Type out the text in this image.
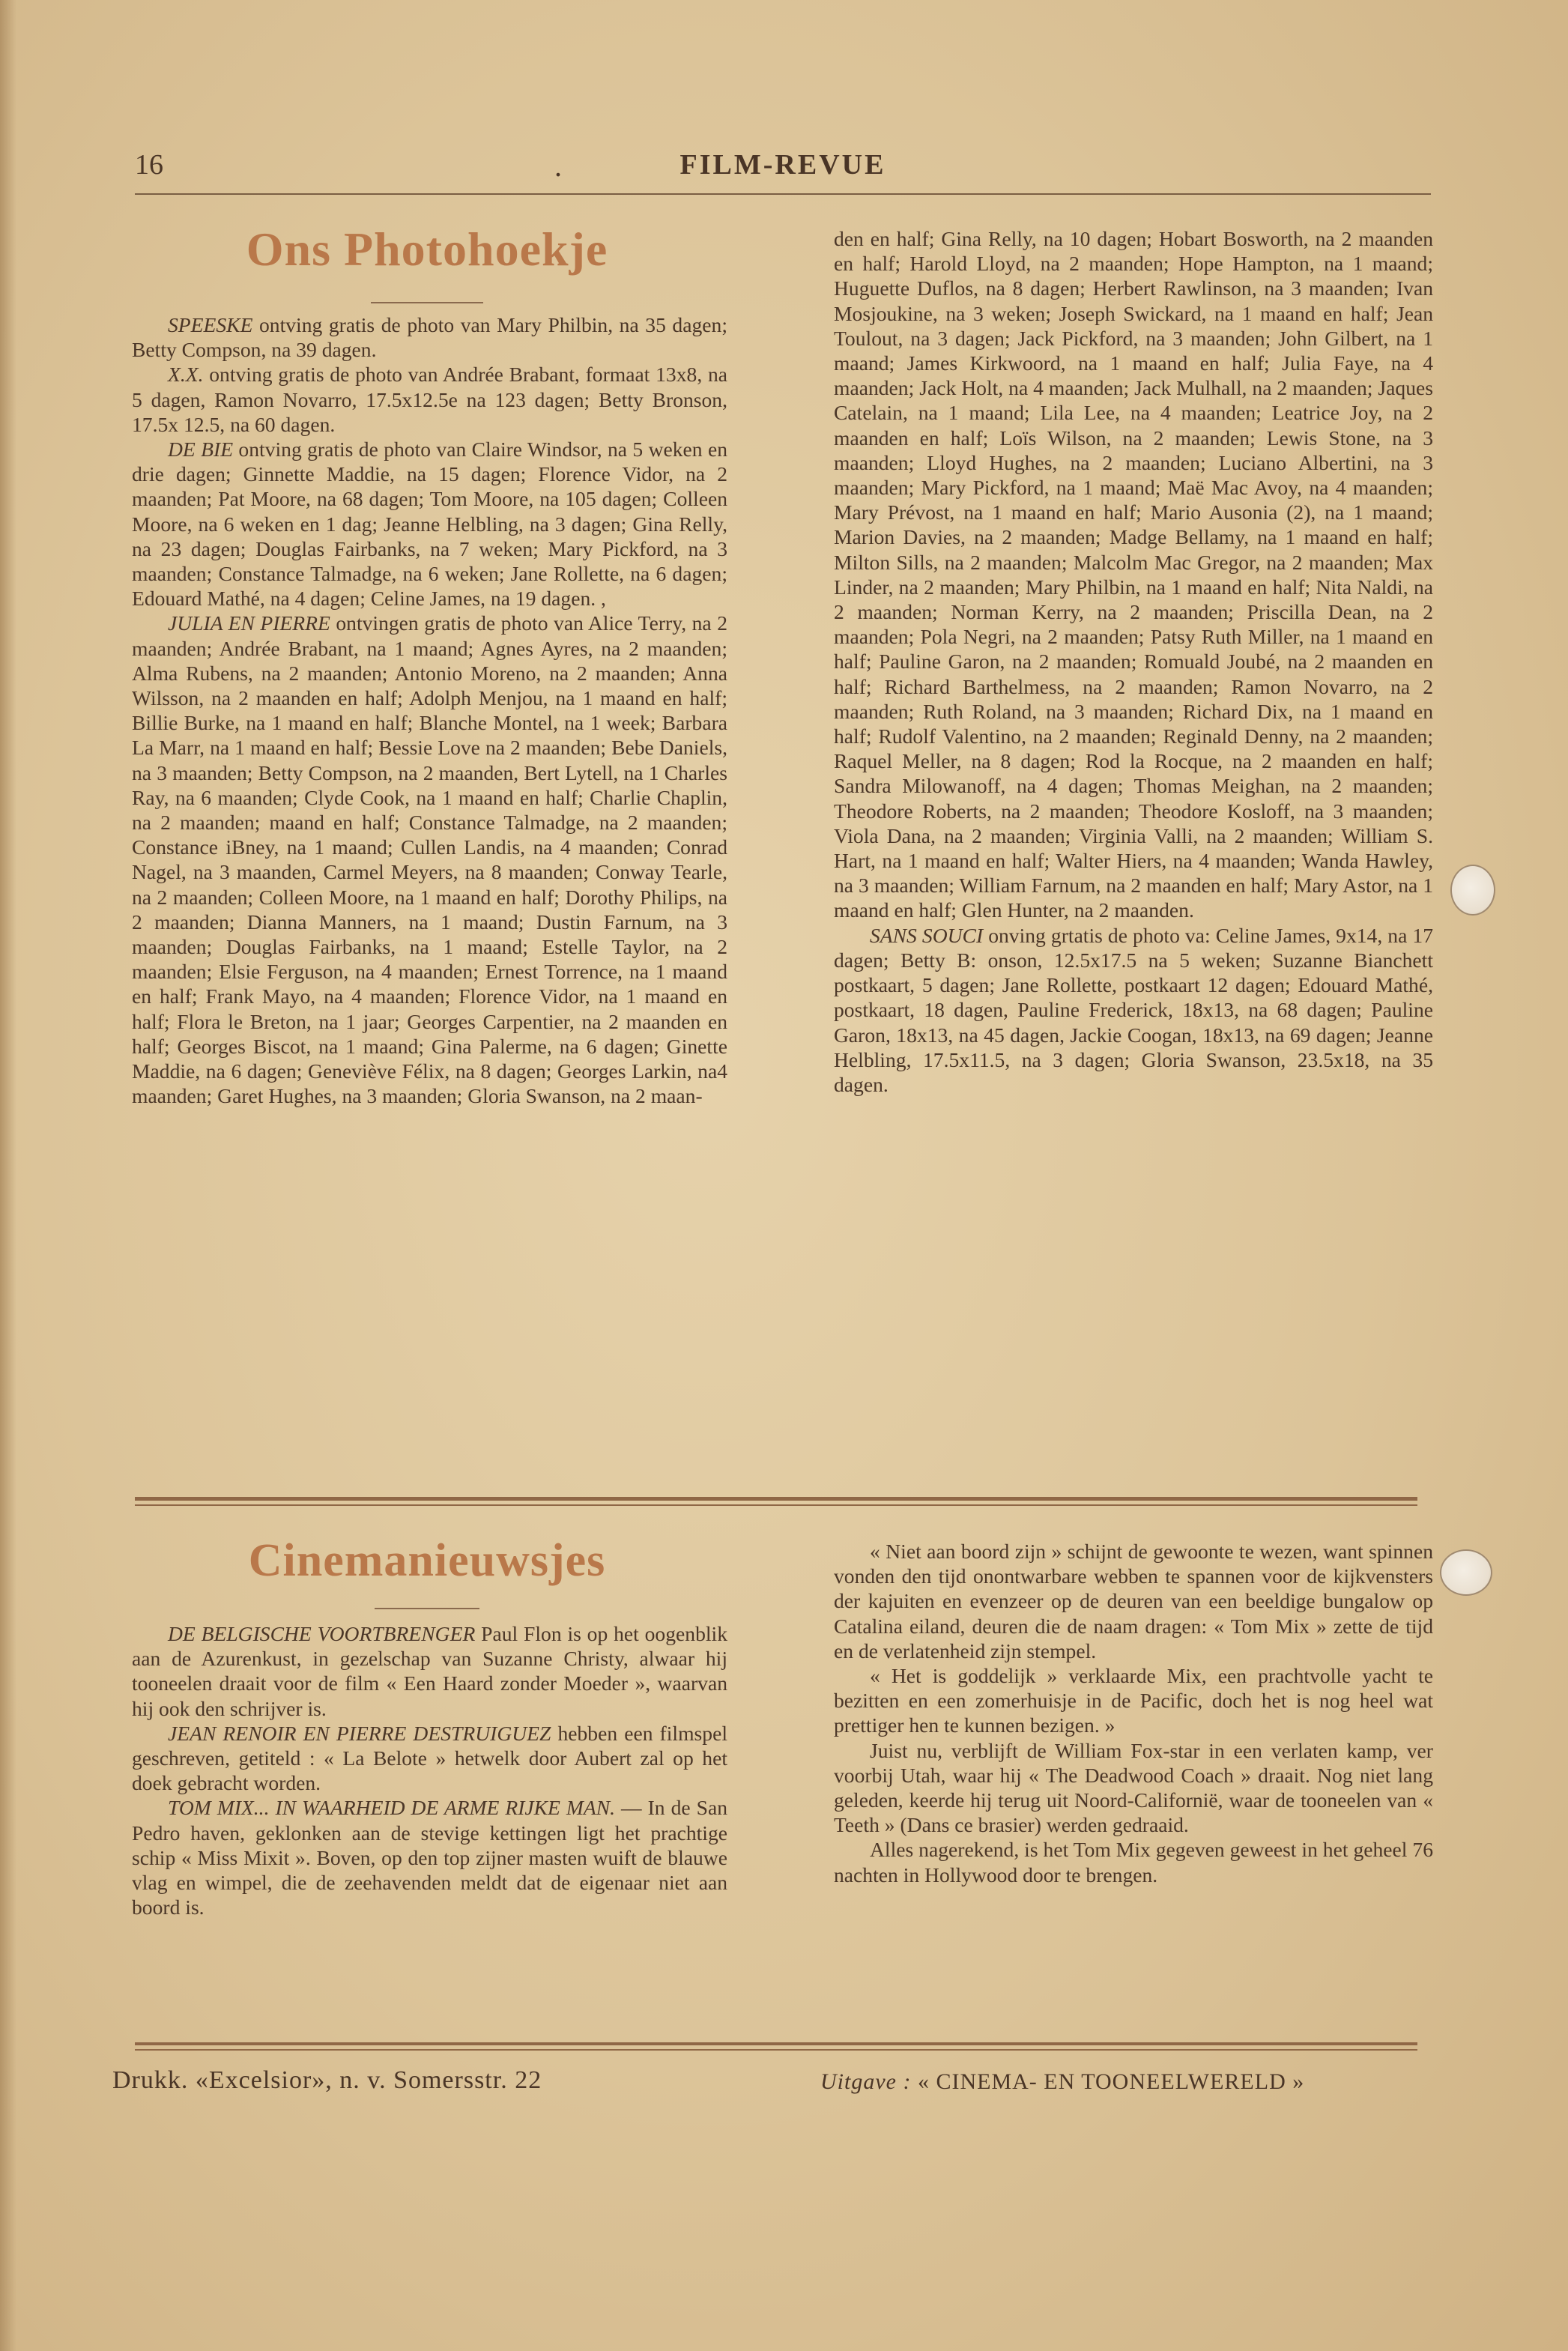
16	.	FILM-REVUE
Ons Photohoekje

SPEESKE ontving gratis de photo van Mary Philbin, na 35 dagen; Betty Compson, na 39 dagen.

X.X. ontving gratis de photo van Andrée Brabant, formaat 13x8, na 5 dagen, Ramon Novarro, 17.5x12.5e na 123 dagen; Betty Bronson, 17.5x 12.5, na 60 dagen.

DE BIE ontving gratis de photo van Claire Windsor, na 5 weken en drie dagen; Ginnette Maddie, na 15 dagen; Florence Vidor, na 2 maanden; Pat Moore, na 68 dagen; Tom Moore, na 105 dagen; Colleen Moore, na 6 weken en 1 dag; Jeanne Helbling, na 3 dagen; Gina Relly, na 23 dagen; Douglas Fairbanks, na 7 weken; Mary Pickford, na 3 maanden; Constance Talmadge, na 6 weken; Jane Rollette, na 6 dagen; Edouard Mathé, na 4 dagen; Celine James, na 19 dagen. ,

JULIA EN PIERRE ontvingen gratis de photo van Alice Terry, na 2 maanden; Andrée Brabant, na 1 maand; Agnes Ayres, na 2 maanden; Alma Rubens, na 2 maanden; Antonio Moreno, na 2 maanden; Anna Wilsson, na 2 maanden en half; Adolph Menjou, na 1 maand en half; Billie Burke, na 1 maand en half; Blanche Montel, na 1 week; Barbara La Marr, na 1 maand en half; Bessie Love na 2 maanden; Bebe Daniels, na 3 maanden; Betty Compson, na 2 maanden, Bert Lytell, na 1 Charles Ray, na 6 maanden; Clyde Cook, na 1 maand en half; Charlie Chaplin, na 2 maanden; maand en half; Constance Talmadge, na 2 maanden; Constance iBney, na 1 maand; Cullen Landis, na 4 maanden; Conrad Nagel, na 3 maanden, Carmel Meyers, na 8 maanden; Conway Tearle, na 2 maanden; Colleen Moore, na 1 maand en half; Dorothy Philips, na 2 maanden; Dianna Manners, na 1 maand; Dustin Farnum, na 3 maanden; Douglas Fairbanks, na 1 maand; Estelle Taylor, na 2 maanden; Elsie Ferguson, na 4 maanden; Ernest Torrence, na 1 maand en half; Frank Mayo, na 4 maanden; Florence Vidor, na 1 maand en half; Flora le Breton, na 1 jaar; Georges Carpentier, na 2 maanden en half; Georges Biscot, na 1 maand; Gina Palerme, na 6 dagen; Ginette Maddie, na 6 dagen; Geneviève Félix, na 8 dagen; Georges Larkin, na4 maanden; Garet Hughes, na 3 maanden; Gloria Swanson, na 2 maan-

den en half; Gina Relly, na 10 dagen; Hobart Bosworth, na 2 maanden en half; Harold Lloyd, na 2 maanden; Hope Hampton, na 1 maand; Huguette Duflos, na 8 dagen; Herbert Rawlinson, na 3 maanden; Ivan Mosjoukine, na 3 weken; Joseph Swickard, na 1 maand en half; Jean Toulout, na 3 dagen; Jack Pickford, na 3 maanden; John Gilbert, na 1 maand; James Kirkwoord, na 1 maand en half; Julia Faye, na 4 maanden; Jack Holt, na 4 maanden; Jack Mulhall, na 2 maanden; Jaques Catelain, na 1 maand; Lila Lee, na 4 maanden; Leatrice Joy, na 2 maanden en half; Loïs Wilson, na 2 maanden; Lewis Stone, na 3 maanden; Lloyd Hughes, na 2 maanden; Luciano Albertini, na 3 maanden; Mary Pickford, na 1 maand; Maë Mac Avoy, na 4 maanden; Mary Prévost, na 1 maand en half; Mario Ausonia (2), na 1 maand; Marion Davies, na 2 maanden; Madge Bellamy, na 1 maand en half; Milton Sills, na 2 maanden; Malcolm Mac Gregor, na 2 maanden; Max Linder, na 2 maanden; Mary Philbin, na 1 maand en half; Nita Naldi, na 2 maanden; Norman Kerry, na 2 maanden; Priscilla Dean, na 2 maanden; Pola Negri, na 2 maanden; Patsy Ruth Miller, na 1 maand en half; Pauline Garon, na 2 maanden; Romuald Joubé, na 2 maanden en half; Richard Barthelmess, na 2 maanden; Ramon Novarro, na 2 maanden; Ruth Roland, na 3 maanden; Richard Dix, na 1 maand en half; Rudolf Valentino, na 2 maanden; Reginald Denny, na 2 maanden; Raquel Meller, na 8 dagen; Rod la Rocque, na 2 maanden en half; Sandra Milowanoff, na 4 dagen; Thomas Meighan, na 2 maanden; Theodore Roberts, na 2 maanden; Theodore Kosloff, na 3 maanden; Viola Dana, na 2 maanden; Virginia Valli, na 2 maanden; William S. Hart, na 1 maand en half; Walter Hiers, na 4 maanden; Wanda Hawley, na 3 maanden; William Farnum, na 2 maanden en half; Mary Astor, na 1 maand en half; Glen Hunter, na 2 maanden.

SANS SOUCI onving grtatis de photo va: Celine James, 9x14, na 17 dagen; Betty B: onson, 12.5x17.5 na 5 weken; Suzanne Bianchett postkaart, 5 dagen; Jane Rollette, postkaart 12 dagen; Edouard Mathé, postkaart, 18 dagen, Pauline Frederick, 18x13, na 68 dagen; Pauline Garon, 18x13, na 45 dagen, Jackie Coogan, 18x13, na 69 dagen; Jeanne Helbling, 17.5x11.5, na 3 dagen; Gloria Swanson, 23.5x18, na 35 dagen.

Cinemanieuwsjes

DE BELGISCHE VOORTBRENGER Paul Flon is op het oogenblik aan de Azurenkust, in gezelschap van Suzanne Christy, alwaar hij tooneelen draait voor de film « Een Haard zonder Moeder », waarvan hij ook den schrijver is.

JEAN RENOIR EN PIERRE DESTRUIGUEZ hebben een filmspel geschreven, getiteld : « La Belote » hetwelk door Aubert zal op het doek gebracht worden.

TOM MIX... IN WAARHEID DE ARME RIJKE MAN. — In de San Pedro haven, geklonken aan de stevige kettingen ligt het prachtige schip « Miss Mixit ». Boven, op den top zijner masten wuift de blauwe vlag en wimpel, die de zeehavenden meldt dat de eigenaar niet aan boord is.

« Niet aan boord zijn » schijnt de gewoonte te wezen, want spinnen vonden den tijd onontwarbare webben te spannen voor de kijkvensters der kajuiten en evenzeer op de deuren van een beeldige bungalow op Catalina eiland, deuren die de naam dragen: « Tom Mix » zette de tijd en de verlatenheid zijn stempel.

« Het is goddelijk » verklaarde Mix, een prachtvolle yacht te bezitten en een zomerhuisje in de Pacific, doch het is nog heel wat prettiger hen te kunnen bezigen. »

Juist nu, verblijft de William Fox-star in een verlaten kamp, ver voorbij Utah, waar hij « The Deadwood Coach » draait. Nog niet lang geleden, keerde hij terug uit Noord-Californië, waar de tooneelen van « Teeth » (Dans ce brasier) werden gedraaid.

Alles nagerekend, is het Tom Mix gegeven geweest in het geheel 76 nachten in Hollywood door te brengen.

Drukk. «Excelsior», n. v. Somersstr. 22	Uitgave : « CINEMA- EN TOONEELWERELD »
